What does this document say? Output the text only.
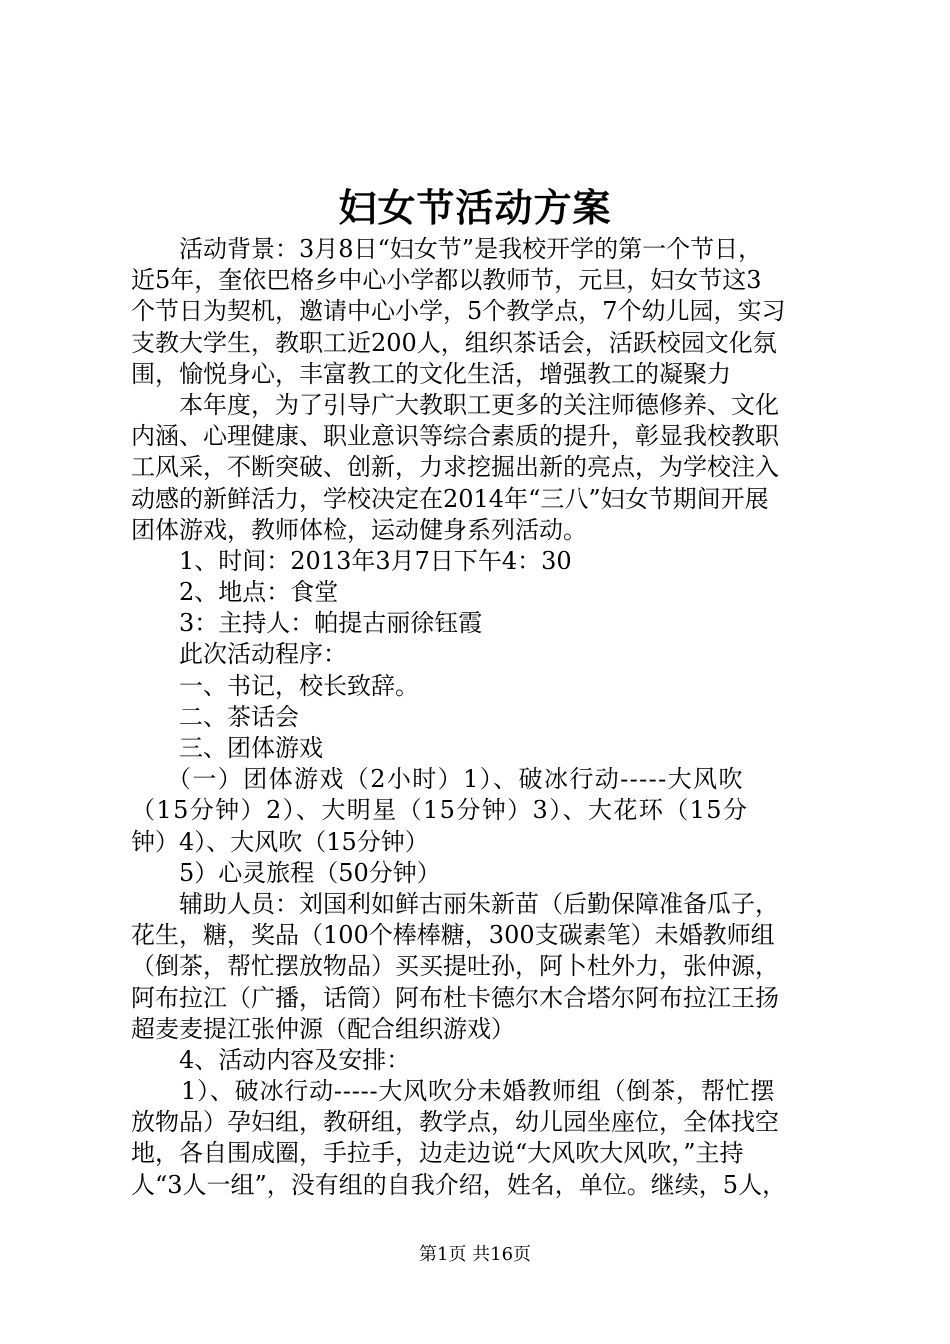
妇女节活动方案
活动背景：3月8日“妇女节”是我校开学的第一个节日，
近5年，奎依巴格乡中心小学都以教师节，元旦，妇女节这3
个节日为契机，邀请中心小学，5个教学点，7个幼儿园，实习
支教大学生，教职工近200人，组织茶话会，活跃校园文化氛
围，愉悦身心，丰富教工的文化生活，增强教工的凝聚力
本年度，为了引导广大教职工更多的关注师德修养、文化
内涵、心理健康、职业意识等综合素质的提升，彰显我校教职
工风采，不断突破、创新，力求挖掘出新的亮点，为学校注入
动感的新鲜活力，学校决定在2014年“三八”妇女节期间开展
团体游戏，教师体检，运动健身系列活动。
1、时间：2013年3月7日下午4：30
2、地点：食堂
3：主持人：帕提古丽徐钰霞
此次活动程序：
一、书记，校长致辞。
二、茶话会
三、团体游戏
（一）团体游戏（2小时）1）、破冰行动-----大风吹
（15分钟）2）、大明星（15分钟）3）、大花环（15分
钟）4）、大风吹（15分钟）
5）心灵旅程（50分钟）
辅助人员：刘国利如鲜古丽朱新苗（后勤保障准备瓜子，
花生，糖，奖品（100个棒棒糖，300支碳素笔）未婚教师组
（倒茶，帮忙摆放物品）买买提吐孙，阿卜杜外力，张仲源，
阿布拉江（广播，话筒）阿布杜卡德尔木合塔尔阿布拉江王扬
超麦麦提江张仲源（配合组织游戏）
4、活动内容及安排：
1）、破冰行动-----大风吹分未婚教师组（倒茶，帮忙摆
放物品）孕妇组，教研组，教学点，幼儿园坐座位，全体找空
地，各自围成圈，手拉手，边走边说“大风吹大风吹，”主持
人“3人一组”，没有组的自我介绍，姓名，单位。继续，5人，
第1页 共16页
